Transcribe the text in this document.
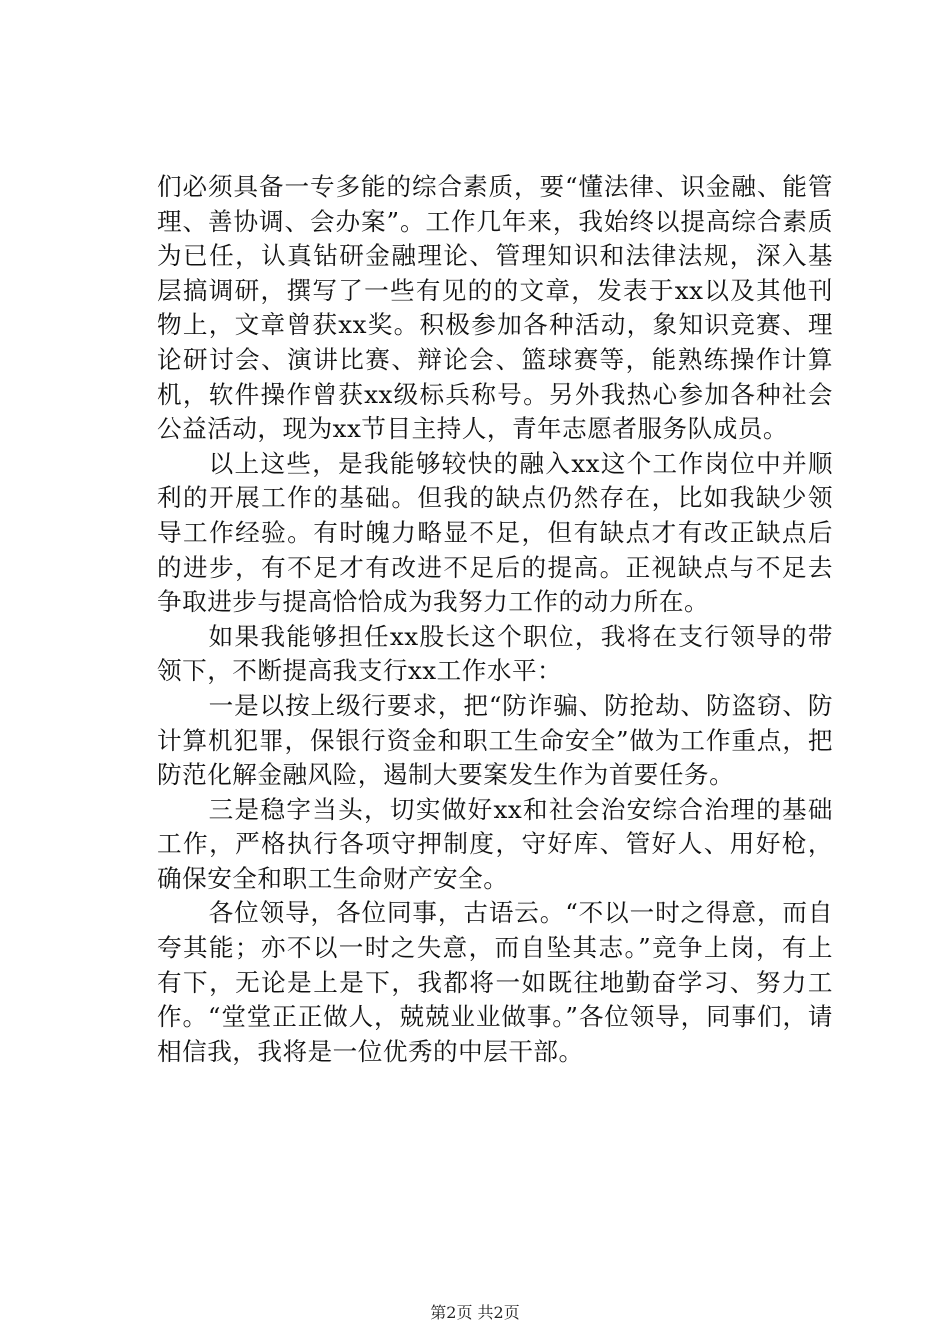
们必须具备一专多能的综合素质，要“懂法律、识金融、能管理、善协调、会办案”。工作几年来，我始终以提高综合素质为已任，认真钻研金融理论、管理知识和法律法规，深入基层搞调研，撰写了一些有见的的文章，发表于xx以及其他刊物上，文章曾获xx奖。积极参加各种活动，象知识竞赛、理论研讨会、演讲比赛、辩论会、篮球赛等，能熟练操作计算机，软件操作曾获xx级标兵称号。另外我热心参加各种社会公益活动，现为xx节目主持人，青年志愿者服务队成员。

以上这些，是我能够较快的融入xx这个工作岗位中并顺利的开展工作的基础。但我的缺点仍然存在，比如我缺少领导工作经验。有时魄力略显不足，但有缺点才有改正缺点后的进步，有不足才有改进不足后的提高。正视缺点与不足去争取进步与提高恰恰成为我努力工作的动力所在。

如果我能够担任xx股长这个职位，我将在支行领导的带领下，不断提高我支行xx工作水平：

一是以按上级行要求，把“防诈骗、防抢劫、防盗窃、防计算机犯罪，保银行资金和职工生命安全”做为工作重点，把防范化解金融风险，遏制大要案发生作为首要任务。

三是稳字当头，切实做好xx和社会治安综合治理的基础工作，严格执行各项守押制度，守好库、管好人、用好枪，确保安全和职工生命财产安全。

各位领导，各位同事，古语云。“不以一时之得意，而自夸其能；亦不以一时之失意，而自坠其志。”竞争上岗，有上有下，无论是上是下，我都将一如既往地勤奋学习、努力工作。“堂堂正正做人，兢兢业业做事。”各位领导，同事们，请相信我，我将是一位优秀的中层干部。

第2页 共2页
